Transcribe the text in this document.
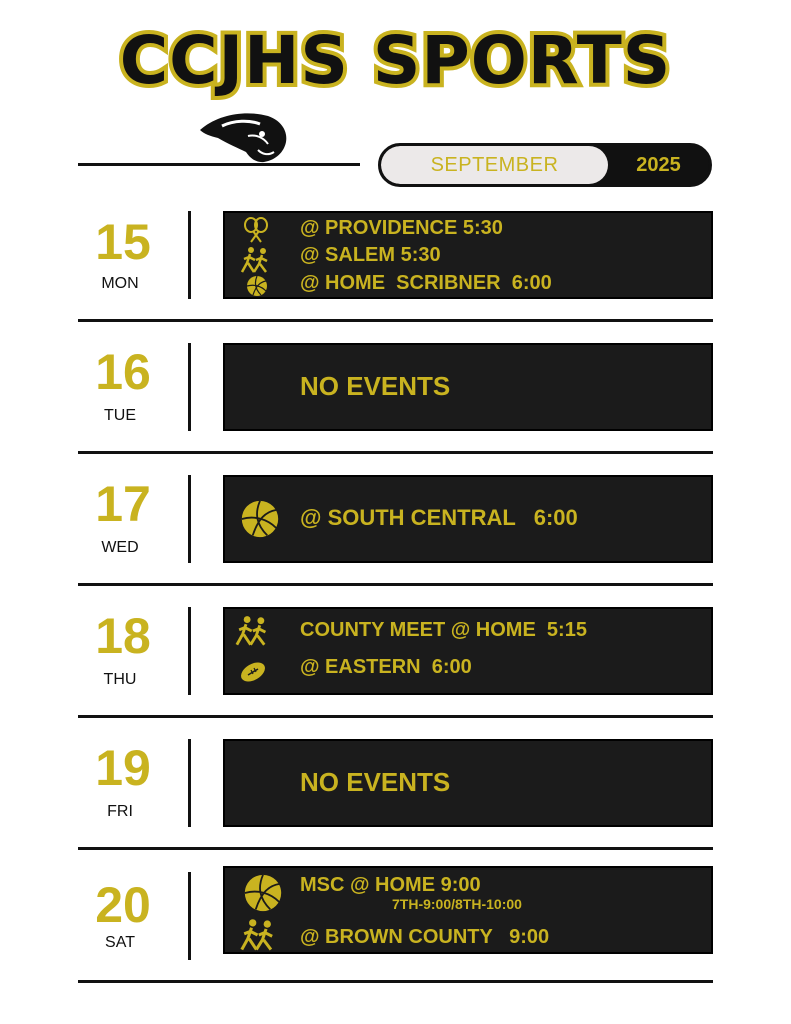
CCJHS SPORTS
SEPTEMBER	2025
15
MON
@ PROVIDENCE 5:30
@ SALEM 5:30
@ HOME  SCRIBNER  6:00
16
TUE
NO EVENTS
17
WED
@ SOUTH CENTRAL   6:00
18
THU
COUNTY MEET @ HOME  5:15
@ EASTERN  6:00
19
FRI
NO EVENTS
20
SAT
MSC @ HOME 9:00
7TH-9:00/8TH-10:00
@ BROWN COUNTY   9:00
